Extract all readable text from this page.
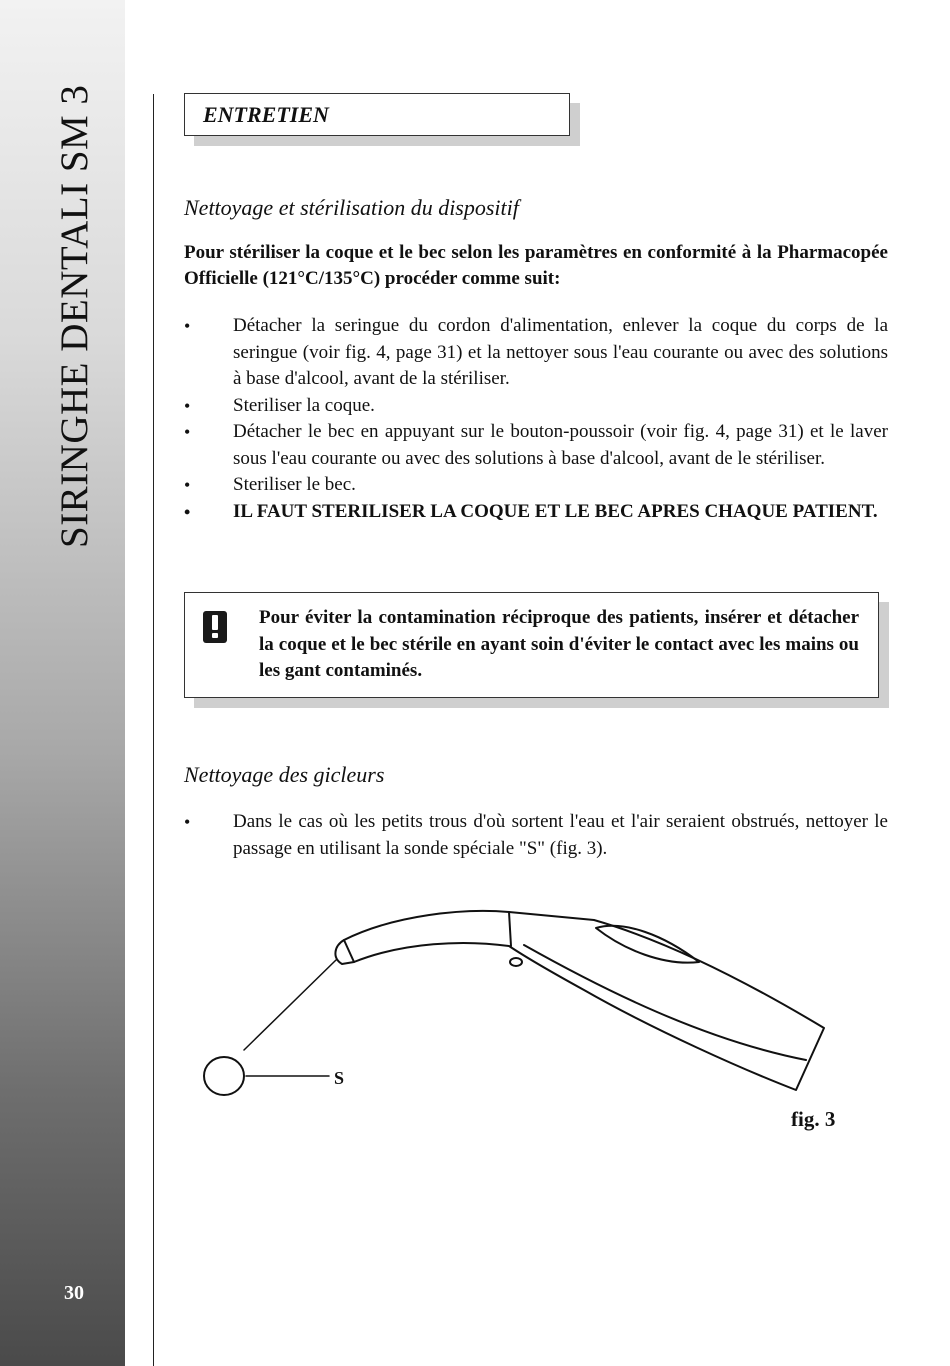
SIRINGHE DENTALI SM 3
30
ENTRETIEN
Nettoyage et stérilisation du dispositif

Pour stériliser la coque et le bec selon les paramètres en conformité à la Pharmacopée Officielle (121°C/135°C) procéder comme suit:

• Détacher la seringue du cordon d'alimentation, enlever la coque du corps de la seringue (voir fig. 4, page 31) et la nettoyer sous l'eau courante ou avec des solutions à base d'alcool, avant de la stériliser.
• Steriliser la coque.
• Détacher le bec en appuyant sur le bouton-poussoir (voir fig. 4, page 31) et le laver sous l'eau courante ou avec des solutions à base d'alcool, avant de le stériliser.
• Steriliser le bec.
• IL FAUT STERILISER LA COQUE ET LE BEC APRES CHAQUE PATIENT.

Pour éviter la contamination réciproque des patients, insérer et détacher la coque et le bec stérile en ayant soin d'éviter le contact avec les mains ou les gant contaminés.

Nettoyage des gicleurs
• Dans le cas où les petits trous d'où sortent l'eau et l'air seraient obstrués, nettoyer le passage en utilisant la sonde spéciale "S" (fig. 3).
S
fig. 3
